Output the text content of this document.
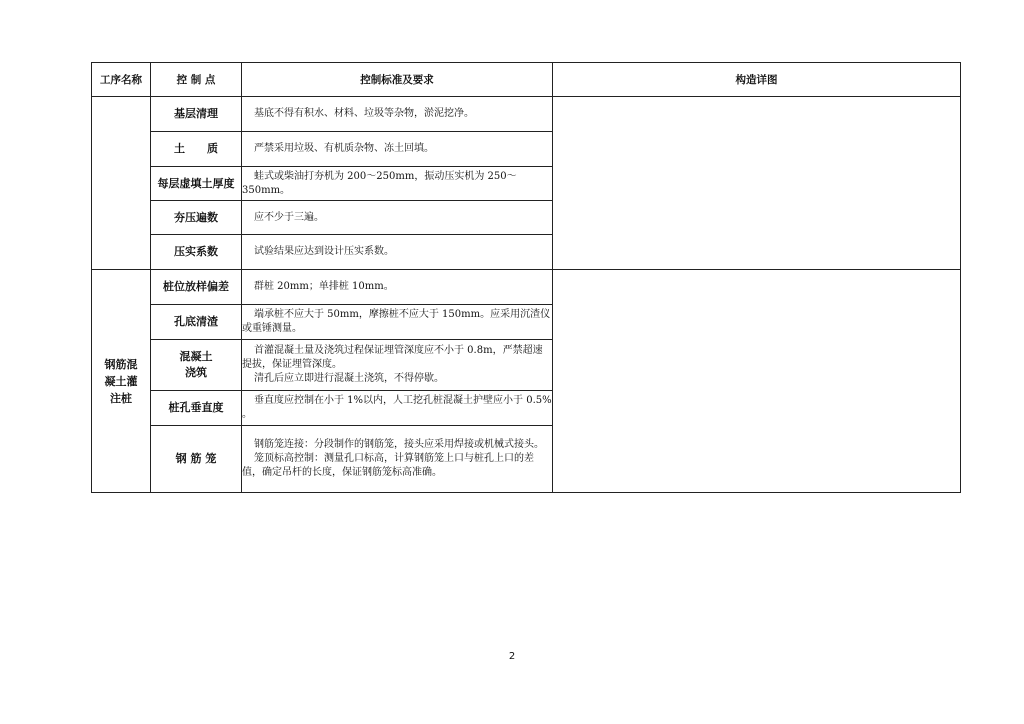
工序名称	控 制 点	控制标准及要求	构造详图
	基层清理	基底不得有积水、材料、垃圾等杂物，淤泥挖净。	

	土　　质	严禁采用垃圾、有机质杂物、冻土回填。	

	每层虚填土厚度	蛙式或柴油打夯机为 200～250mm，振动压实机为 250～350mm。	

	夯压遍数	应不少于三遍。	

	压实系数	试验结果应达到设计压实系数。	

钢筋混凝土灌注桩	桩位放样偏差	群桩 20mm；单排桩 10mm。	

	孔底清渣	端承桩不应大于 50mm，摩擦桩不应大于 150mm。应采用沉渣仪或重锤测量。	

	混凝土浇筑	首灌混凝土量及浇筑过程保证埋管深度应不小于 0.8m，严禁超速提拔，保证埋管深度。

清孔后应立即进行混凝土浇筑，不得停歇。	

	桩孔垂直度	垂直度应控制在小于 1%以内，人工挖孔桩混凝土护壁应小于 0.5% 。	

	钢 筋 笼	钢筋笼连接：分段制作的钢筋笼，接头应采用焊接或机械式接头。

笼顶标高控制：测量孔口标高，计算钢筋笼上口与桩孔上口的差值，确定吊杆的长度，保证钢筋笼标高准确。	

2
